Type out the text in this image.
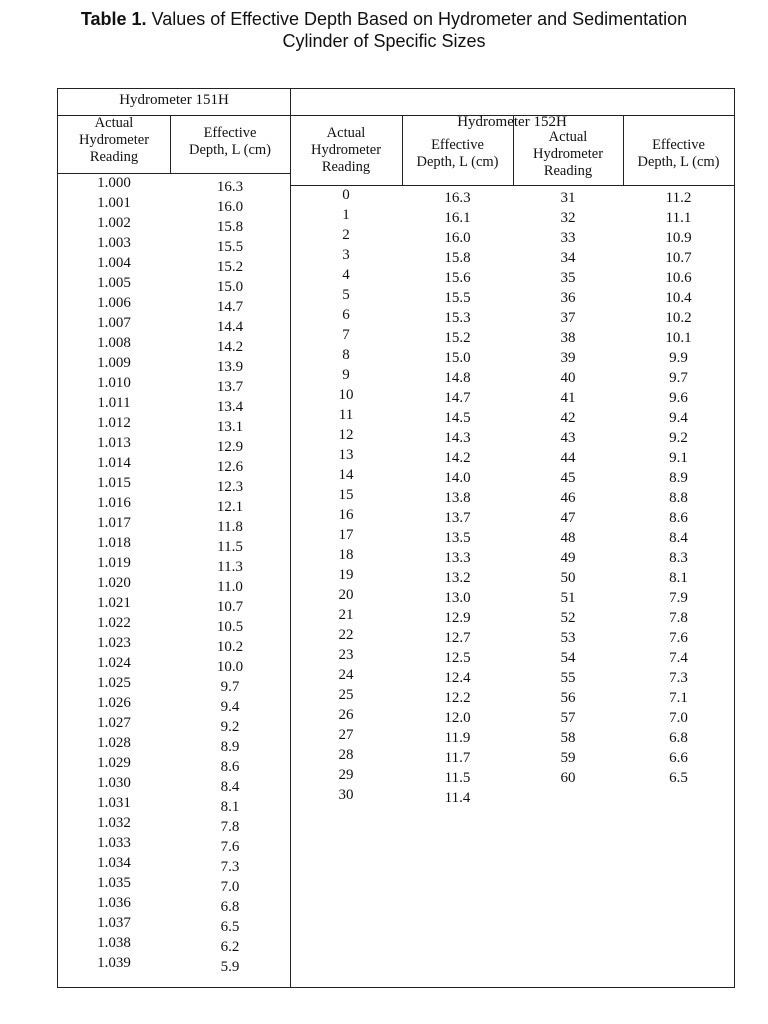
Table 1. Values of Effective Depth Based on Hydrometer and Sedimentation
Cylinder of Specific Sizes
Hydrometer 151H
Hydrometer 152H
Actual
Hydrometer
Reading
Effective
Depth, L (cm)
Actual
Hydrometer
Reading
Effective
Depth, L (cm)
Actual
Hydrometer
Reading
Effective
Depth, L (cm)
1.000
1.001
1.002
1.003
1.004
1.005
1.006
1.007
1.008
1.009
1.010
1.011
1.012
1.013
1.014
1.015
1.016
1.017
1.018
1.019
1.020
1.021
1.022
1.023
1.024
1.025
1.026
1.027
1.028
1.029
1.030
1.031
1.032
1.033
1.034
1.035
1.036
1.037
1.038
1.039
16.3
16.0
15.8
15.5
15.2
15.0
14.7
14.4
14.2
13.9
13.7
13.4
13.1
12.9
12.6
12.3
12.1
11.8
11.5
11.3
11.0
10.7
10.5
10.2
10.0
9.7
9.4
9.2
8.9
8.6
8.4
8.1
7.8
7.6
7.3
7.0
6.8
6.5
6.2
5.9
0
1
2
3
4
5
6
7
8
9
10
11
12
13
14
15
16
17
18
19
20
21
22
23
24
25
26
27
28
29
30
16.3
16.1
16.0
15.8
15.6
15.5
15.3
15.2
15.0
14.8
14.7
14.5
14.3
14.2
14.0
13.8
13.7
13.5
13.3
13.2
13.0
12.9
12.7
12.5
12.4
12.2
12.0
11.9
11.7
11.5
11.4
31
32
33
34
35
36
37
38
39
40
41
42
43
44
45
46
47
48
49
50
51
52
53
54
55
56
57
58
59
60
11.2
11.1
10.9
10.7
10.6
10.4
10.2
10.1
9.9
9.7
9.6
9.4
9.2
9.1
8.9
8.8
8.6
8.4
8.3
8.1
7.9
7.8
7.6
7.4
7.3
7.1
7.0
6.8
6.6
6.5
